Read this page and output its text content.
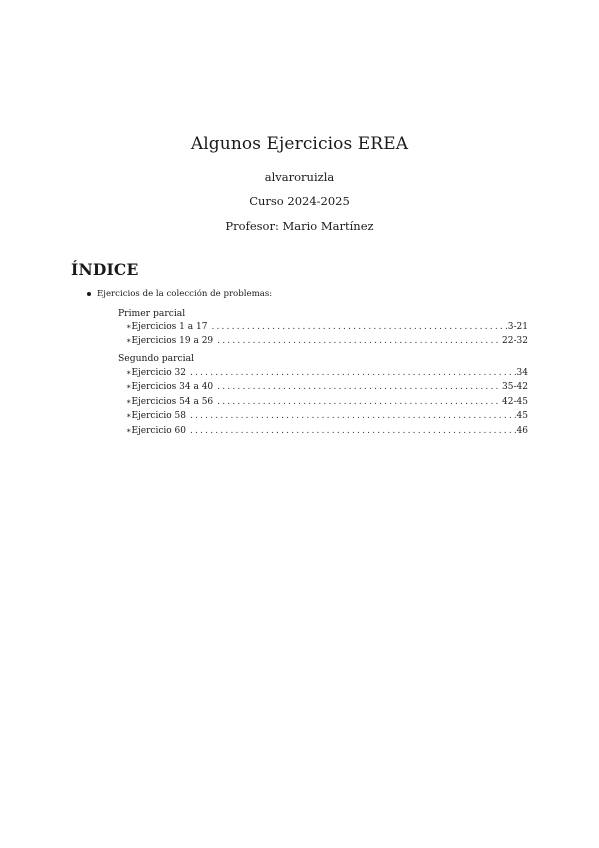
Algunos Ejercicios EREA
alvaroruizla
Curso 2024-2025
Profesor: Mario Martínez
ÍNDICE
Ejercicios de la colección de problemas:
Primer parcial
∗ Ejercicios 1 a 17 .....	3-21
∗ Ejercicios 19 a 29 .....	22-32
Segundo parcial
∗ Ejercicio 32 .....	34
∗ Ejercicios 34 a 40 .....	35-42
∗ Ejercicios 54 a 56 .....	42-45
∗ Ejercicio 58 .....	45
∗ Ejercicio 60 .....	46
